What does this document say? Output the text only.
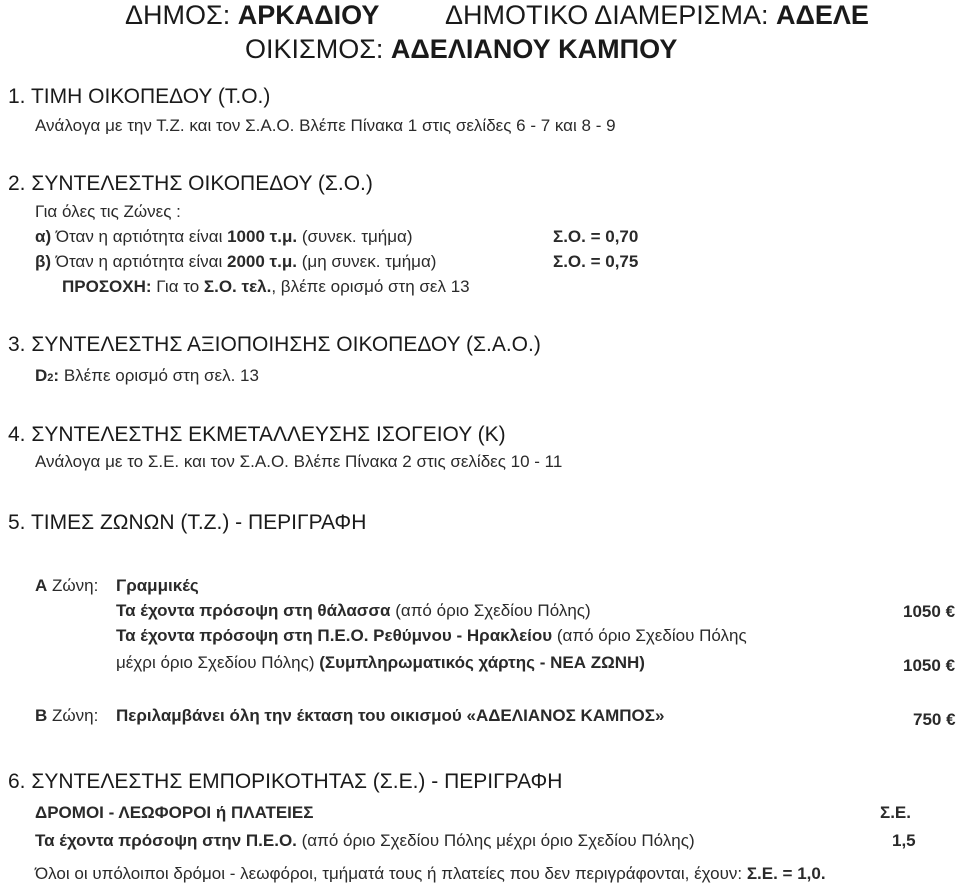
ΔΗΜΟΣ: ΑΡΚΑΔΙΟΥ ΔΗΜΟΤΙΚΟ ΔΙΑΜΕΡΙΣΜΑ: ΑΔΕΛΕ
ΟΙΚΙΣΜΟΣ: ΑΔΕΛΙΑΝΟΥ ΚΑΜΠΟΥ
1. ΤΙΜΗ ΟΙΚΟΠΕΔΟΥ (Τ.Ο.)
Ανάλογα με την Τ.Ζ. και τον Σ.Α.Ο. Βλέπε Πίνακα 1 στις σελίδες 6 - 7 και 8 - 9
2. ΣΥΝΤΕΛΕΣΤΗΣ ΟΙΚΟΠΕΔΟΥ (Σ.Ο.)
Για όλες τις Ζώνες :
α) Όταν η αρτιότητα είναι 1000 τ.μ. (συνεκ. τμήμα)	Σ.Ο. = 0,70
β) Όταν η αρτιότητα είναι 2000 τ.μ. (μη συνεκ. τμήμα)	Σ.Ο. = 0,75
ΠΡΟΣΟΧΗ: Για το Σ.Ο. τελ., βλέπε ορισμό στη σελ 13
3. ΣΥΝΤΕΛΕΣΤΗΣ ΑΞΙΟΠΟΙΗΣΗΣ ΟΙΚΟΠΕΔΟΥ (Σ.Α.Ο.)
D2: Βλέπε ορισμό στη σελ. 13
4. ΣΥΝΤΕΛΕΣΤΗΣ ΕΚΜΕΤΑΛΛΕΥΣΗΣ ΙΣΟΓΕΙΟΥ (Κ)
Ανάλογα με το Σ.Ε. και τον Σ.Α.Ο. Βλέπε Πίνακα 2 στις σελίδες 10 - 11
5. ΤΙΜΕΣ ΖΩΝΩΝ (Τ.Ζ.) - ΠΕΡΙΓΡΑΦΗ
Α Ζώνη: Γραμμικές
Τα έχοντα πρόσοψη στη θάλασσα (από όριο Σχεδίου Πόλης)	1050 €
Τα έχοντα πρόσοψη στη Π.Ε.Ο. Ρεθύμνου - Ηρακλείου (από όριο Σχεδίου Πόλης
μέχρι όριο Σχεδίου Πόλης) (Συμπληρωματικός χάρτης - ΝΕΑ ΖΩΝΗ)	1050 €
Β Ζώνη: Περιλαμβάνει όλη την έκταση του οικισμού «ΑΔΕΛΙΑΝΟΣ ΚΑΜΠΟΣ»	750 €
6. ΣΥΝΤΕΛΕΣΤΗΣ ΕΜΠΟΡΙΚΟΤΗΤΑΣ (Σ.Ε.) - ΠΕΡΙΓΡΑΦΗ
ΔΡΟΜΟΙ - ΛΕΩΦΟΡΟΙ ή ΠΛΑΤΕΙΕΣ	Σ.Ε.
Τα έχοντα πρόσοψη στην Π.Ε.Ο. (από όριο Σχεδίου Πόλης μέχρι όριο Σχεδίου Πόλης)	1,5
Όλοι οι υπόλοιποι δρόμοι - λεωφόροι, τμήματά τους ή πλατείες που δεν περιγράφονται, έχουν: Σ.Ε. = 1,0.
